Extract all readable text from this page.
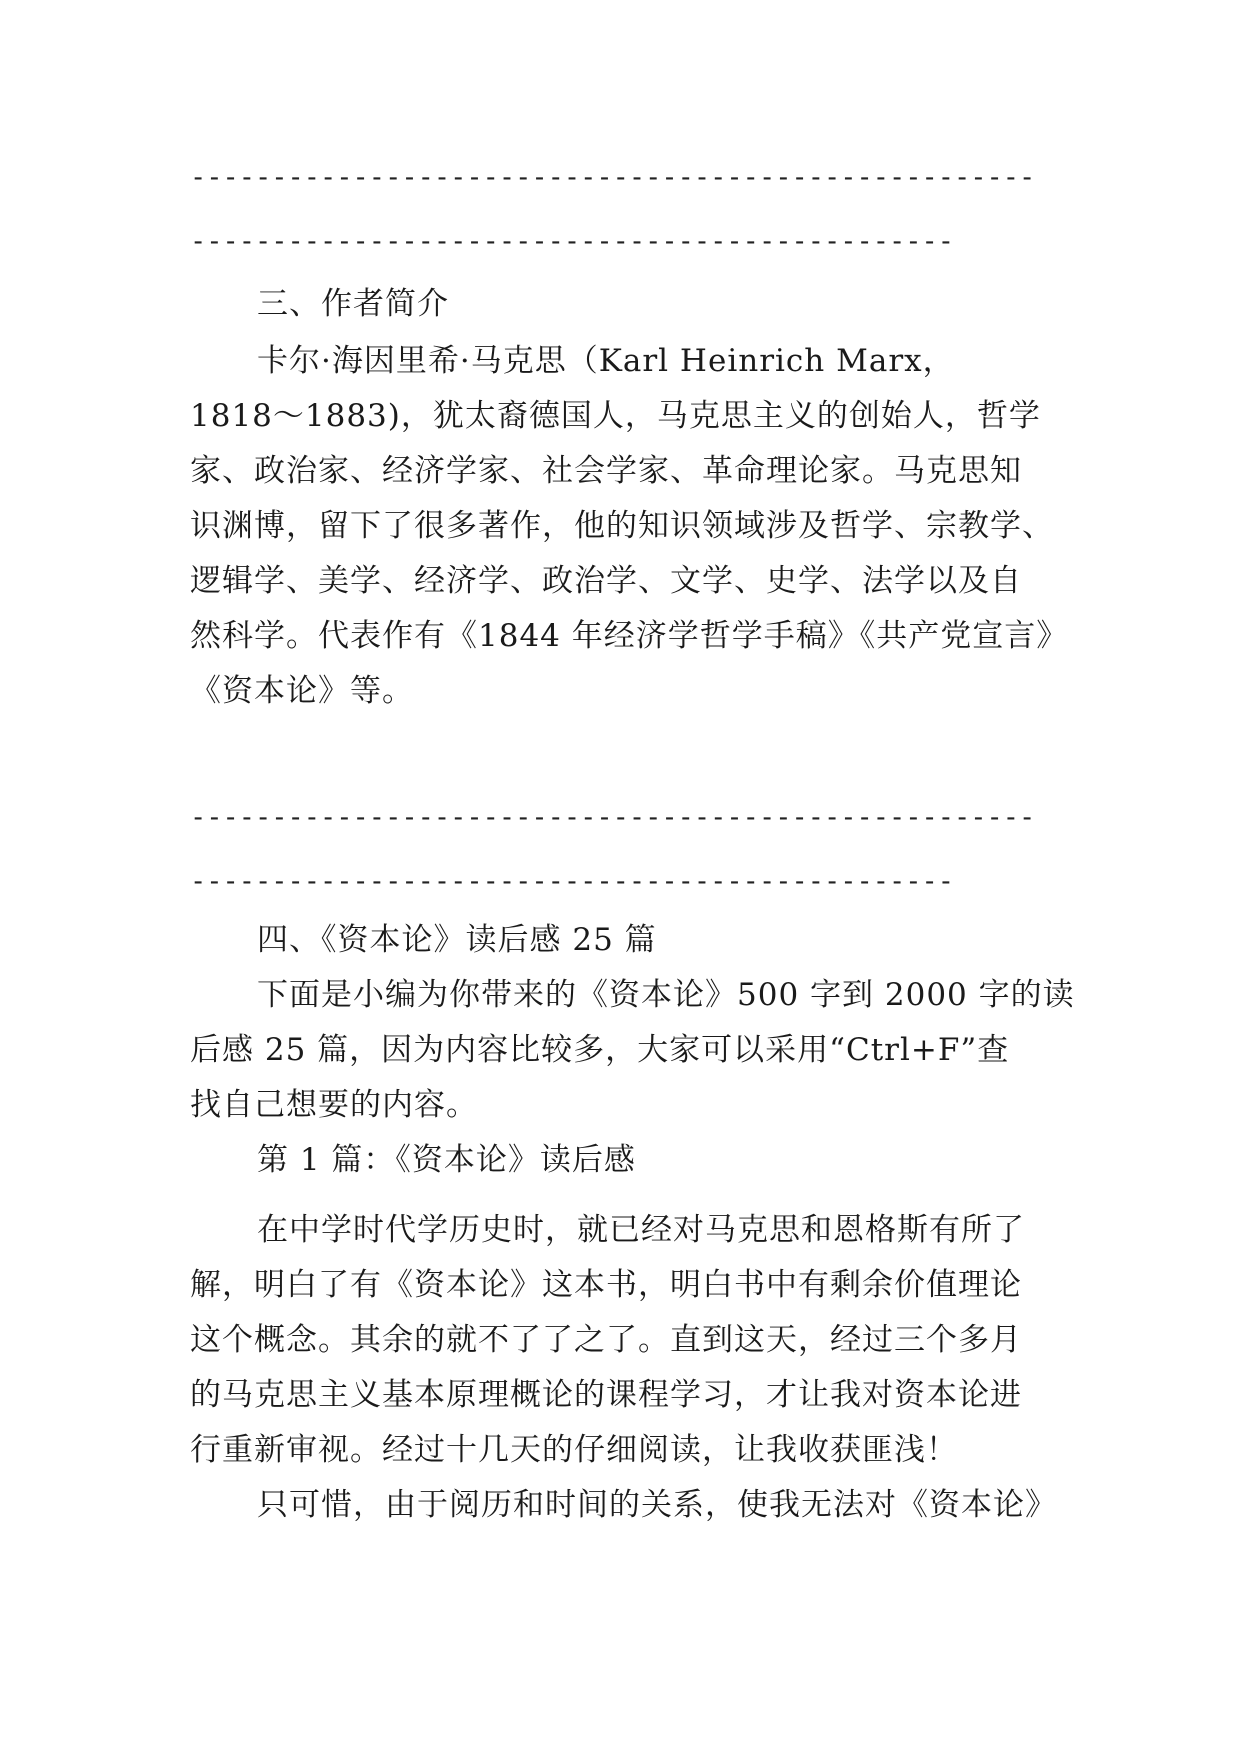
----------------------------------------------------
-----------------------------------------------
三、作者简介
卡尔·海因里希·马克思（Karl Heinrich Marx，
1818～1883)，犹太裔德国人，马克思主义的创始人，哲学
家、政治家、经济学家、社会学家、革命理论家。马克思知
识渊博，留下了很多著作，他的知识领域涉及哲学、宗教学、
逻辑学、美学、经济学、政治学、文学、史学、法学以及自
然科学。代表作有《1844 年经济学哲学手稿》《共产党宣言》
《资本论》等。
----------------------------------------------------
-----------------------------------------------
四、《资本论》读后感 25 篇
下面是小编为你带来的《资本论》500 字到 2000 字的读
后感 25 篇，因为内容比较多，大家可以采用“Ctrl+F”查
找自己想要的内容。
第 1 篇：《资本论》读后感
在中学时代学历史时，就已经对马克思和恩格斯有所了
解，明白了有《资本论》这本书，明白书中有剩余价值理论
这个概念。其余的就不了了之了。直到这天，经过三个多月
的马克思主义基本原理概论的课程学习，才让我对资本论进
行重新审视。经过十几天的仔细阅读，让我收获匪浅！
只可惜，由于阅历和时间的关系，使我无法对《资本论》
